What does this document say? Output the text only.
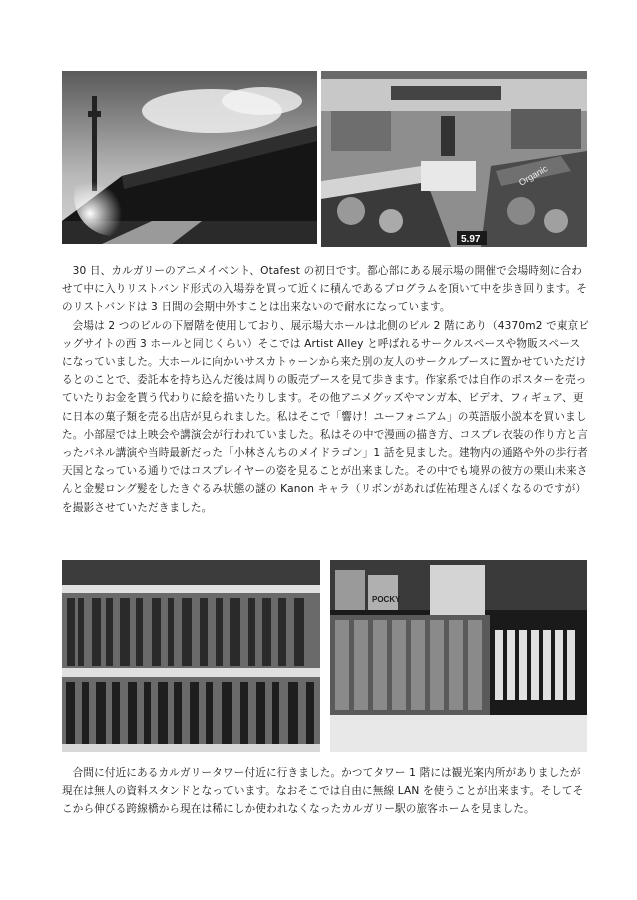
Organic
5.97

30 日、カルガリーのアニメイベント、Otafest の初日です。都心部にある展示場の開催で会場時刻に合わせて中に入りリストバンド形式の入場券を買って近くに積んであるプログラムを頂いて中を歩き回ります。そのリストバンドは 3 日間の会期中外すことは出来ないので耐水になっています。

会場は 2 つのビルの下層階を使用しており、展示場大ホールは北側のビル 2 階にあり（4370m2 で東京ビッグサイトの西 3 ホールと同じくらい）そこでは Artist Alley と呼ばれるサークルスペースや物販スペースになっていました。大ホールに向かいサスカトゥーンから来た別の友人のサークルブースに置かせていただけるとのことで、委託本を持ち込んだ後は周りの販売ブースを見て歩きます。作家系では自作のポスターを売っていたりお金を貰う代わりに絵を描いたりします。その他アニメグッズやマンガ本、ビデオ、フィギュア、更に日本の菓子類を売る出店が見られました。私はそこで「響け！ユーフォニアム」の英語版小説本を買いました。小部屋では上映会や講演会が行われていました。私はその中で漫画の描き方、コスプレ衣装の作り方と言ったパネル講演や当時最新だった「小林さんちのメイドラゴン」1 話を見ました。建物内の通路や外の歩行者天国となっている通りではコスプレイヤーの姿を見ることが出来ました。その中でも境界の彼方の栗山未来さんと金髪ロング髪をしたきぐるみ状態の謎の Kanon キャラ（リボンがあれば佐祐理さんぽくなるのですが）を撮影させていただきました。

POCKY

合間に付近にあるカルガリータワー付近に行きました。かつてタワー 1 階には観光案内所がありましたが現在は無人の資料スタンドとなっています。なおそこでは自由に無線 LAN を使うことが出来ます。そしてそこから伸びる跨線橋から現在は稀にしか使われなくなったカルガリー駅の旅客ホームを見ました。
